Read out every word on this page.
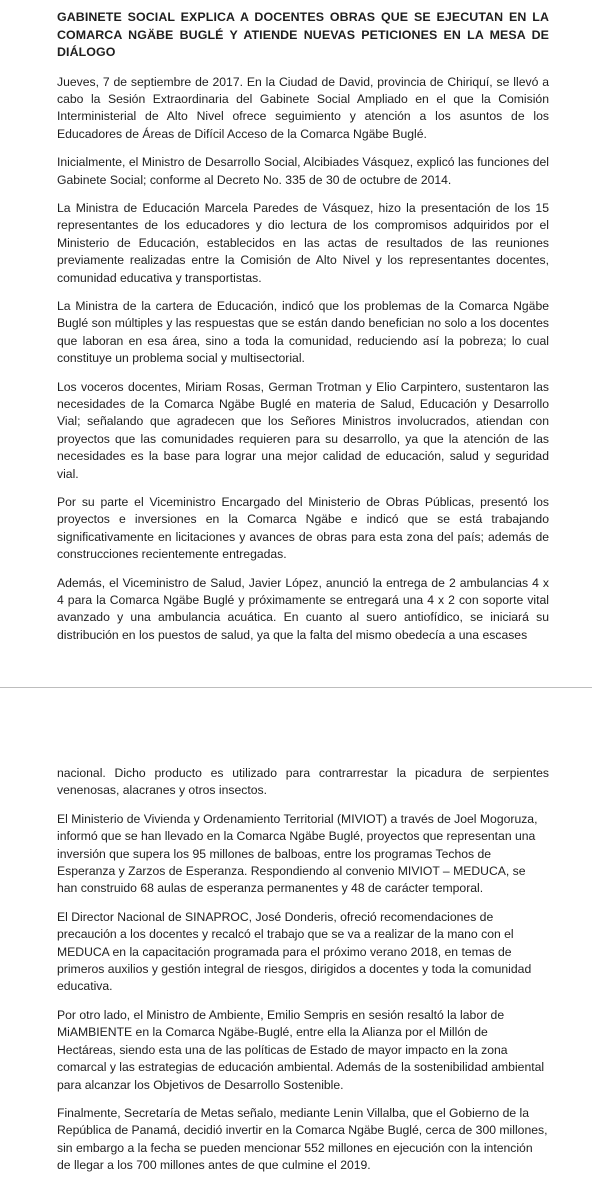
GABINETE SOCIAL EXPLICA A DOCENTES OBRAS QUE SE EJECUTAN EN LA COMARCA NGÄBE BUGLÉ Y ATIENDE NUEVAS PETICIONES EN LA MESA DE DIÁLOGO

Jueves, 7 de septiembre de 2017. En la Ciudad de David, provincia de Chiriquí, se llevó a cabo la Sesión Extraordinaria del Gabinete Social Ampliado en el que la Comisión Interministerial de Alto Nivel ofrece seguimiento y atención a los asuntos de los Educadores de Áreas de Difícil Acceso de la Comarca Ngäbe Buglé.

Inicialmente, el Ministro de Desarrollo Social, Alcibiades Vásquez, explicó las funciones del Gabinete Social; conforme al Decreto No. 335 de 30 de octubre de 2014.

La Ministra de Educación Marcela Paredes de Vásquez, hizo la presentación de los 15 representantes de los educadores y dio lectura de los compromisos adquiridos por el Ministerio de Educación, establecidos en las actas de resultados de las reuniones previamente realizadas entre la Comisión de Alto Nivel y los representantes docentes, comunidad educativa y transportistas.

La Ministra de la cartera de Educación, indicó que los problemas de la Comarca Ngäbe Buglé son múltiples y las respuestas que se están dando benefician no solo a los docentes que laboran en esa área, sino a toda la comunidad, reduciendo así la pobreza; lo cual constituye un problema social y multisectorial.

Los voceros docentes, Miriam Rosas, German Trotman y Elio Carpintero, sustentaron las necesidades de la Comarca Ngäbe Buglé en materia de Salud, Educación y Desarrollo Vial; señalando que agradecen que los Señores Ministros involucrados, atiendan con proyectos que las comunidades requieren para su desarrollo, ya que la atención de las necesidades es la base para lograr una mejor calidad de educación, salud y seguridad vial.

Por su parte el Viceministro Encargado del Ministerio de Obras Públicas, presentó los proyectos e inversiones en la Comarca Ngäbe e indicó que se está trabajando significativamente en licitaciones y avances de obras para esta zona del país; además de construcciones recientemente entregadas.

Además, el Viceministro de Salud, Javier López, anunció la entrega de 2 ambulancias 4 x 4 para la Comarca Ngäbe Buglé y próximamente se entregará una 4 x 2 con soporte vital avanzado y una ambulancia acuática. En cuanto al suero antiofídico, se iniciará su distribución en los puestos de salud, ya que la falta del mismo obedecía a una escases

nacional. Dicho producto es utilizado para contrarrestar la picadura de serpientes venenosas, alacranes y otros insectos.

El Ministerio de Vivienda y Ordenamiento Territorial (MIVIOT) a través de Joel Mogoruza, informó que se han llevado en la Comarca Ngäbe Buglé, proyectos que representan una inversión que supera los 95 millones de balboas, entre los programas Techos de Esperanza y Zarzos de Esperanza. Respondiendo al convenio MIVIOT – MEDUCA, se han construido 68 aulas de esperanza permanentes y 48 de carácter temporal.

El Director Nacional de SINAPROC, José Donderis, ofreció recomendaciones de precaución a los docentes y recalcó el trabajo que se va a realizar de la mano con el MEDUCA en la capacitación programada para el próximo verano 2018, en temas de primeros auxilios y gestión integral de riesgos, dirigidos a docentes y toda la comunidad educativa.

Por otro lado, el Ministro de Ambiente, Emilio Sempris en sesión resaltó la labor de MiAMBIENTE en la Comarca Ngäbe-Buglé, entre ella la Alianza por el Millón de Hectáreas, siendo esta una de las políticas de Estado de mayor impacto en la zona comarcal y las estrategias de educación ambiental. Además de la sostenibilidad ambiental para alcanzar los Objetivos de Desarrollo Sostenible.

Finalmente, Secretaría de Metas señalo, mediante Lenin Villalba, que el Gobierno de la República de Panamá, decidió invertir en la Comarca Ngäbe Buglé, cerca de 300 millones, sin embargo a la fecha se pueden mencionar 552 millones en ejecución con la intención de llegar a los 700 millones antes de que culmine el 2019.
